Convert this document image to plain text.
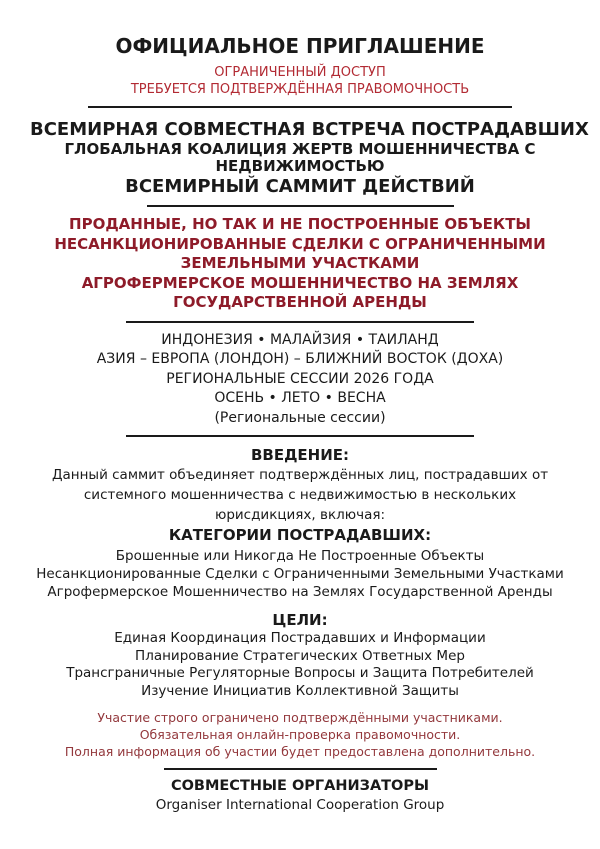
ОФИЦИАЛЬНОЕ ПРИГЛАШЕНИЕ
ОГРАНИЧЕННЫЙ ДОСТУП
ТРЕБУЕТСЯ ПОДТВЕРЖДЁННАЯ ПРАВОМОЧНОСТЬ
ВСЕМИРНАЯ СОВМЕСТНАЯ ВСТРЕЧА ПОСТРАДАВШИХ
ГЛОБАЛЬНАЯ КОАЛИЦИЯ ЖЕРТВ МОШЕННИЧЕСТВА С
НЕДВИЖИМОСТЬЮ
ВСЕМИРНЫЙ САММИТ ДЕЙСТВИЙ
ПРОДАННЫЕ, НО ТАК И НЕ ПОСТРОЕННЫЕ ОБЪЕКТЫ
НЕСАНКЦИОНИРОВАННЫЕ СДЕЛКИ С ОГРАНИЧЕННЫМИ
ЗЕМЕЛЬНЫМИ УЧАСТКАМИ
АГРОФЕРМЕРСКОЕ МОШЕННИЧЕСТВО НА ЗЕМЛЯХ
ГОСУДАРСТВЕННОЙ АРЕНДЫ
ИНДОНЕЗИЯ • МАЛАЙЗИЯ • ТАИЛАНД
АЗИЯ – ЕВРОПА (ЛОНДОН) – БЛИЖНИЙ ВОСТОК (ДОХА)
РЕГИОНАЛЬНЫЕ СЕССИИ 2026 ГОДА
ОСЕНЬ • ЛЕТО • ВЕСНА
(Региональные сессии)
ВВЕДЕНИЕ:
Данный саммит объединяет подтверждённых лиц, пострадавших от
системного мошенничества с недвижимостью в нескольких
юрисдикциях, включая:
КАТЕГОРИИ ПОСТРАДАВШИХ:
Брошенные или Никогда Не Построенные Объекты
Несанкционированные Сделки с Ограниченными Земельными Участками
Агрофермерское Мошенничество на Землях Государственной Аренды
ЦЕЛИ:
Единая Координация Пострадавших и Информации
Планирование Стратегических Ответных Мер
Трансграничные Регуляторные Вопросы и Защита Потребителей
Изучение Инициатив Коллективной Защиты
Участие строго ограничено подтверждёнными участниками.
Обязательная онлайн-проверка правомочности.
Полная информация об участии будет предоставлена дополнительно.
СОВМЕСТНЫЕ ОРГАНИЗАТОРЫ
Organiser International Cooperation Group
